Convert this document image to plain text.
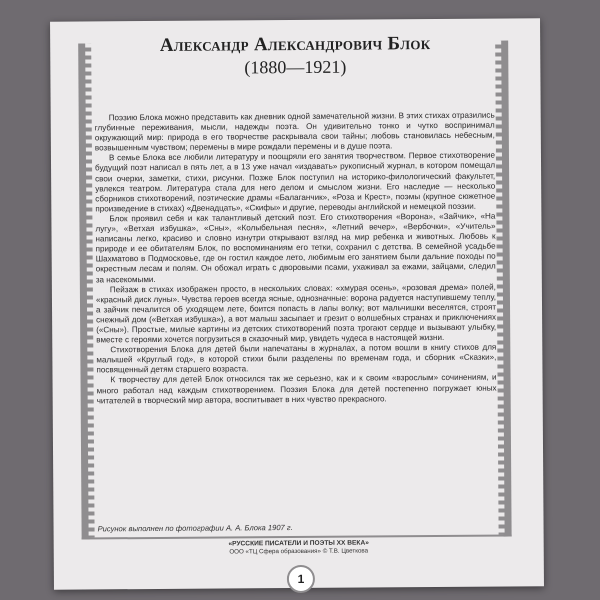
Александр Александрович Блок
(1880—1921)

Поэзию Блока можно представить как дневник одной замечательной жизни. В этих стихах отразились глубинные переживания, мысли, надежды поэта. Он удивительно тонко и чутко воспринимал окружающий мир: природа в его творчестве раскрывала свои тайны; любовь становилась небесным, возвышенным чувством; перемены в мире рождали перемены и в душе поэта.

В семье Блока все любили литературу и поощряли его занятия творчеством. Первое стихотворение будущий поэт написал в пять лет, а в 13 уже начал «издавать» рукописный журнал, в котором помещал свои очерки, заметки, стихи, рисунки. Позже Блок поступил на историко-филологический факультет, увлекся театром. Литература стала для него делом и смыслом жизни. Его наследие — несколько сборников стихотворений, поэтические драмы «Балаганчик», «Роза и Крест», поэмы (крупное сюжетное произведение в стихах) «Двенадцать», «Скифы» и другие, переводы английской и немецкой поэзии.

Блок проявил себя и как талантливый детский поэт. Его стихотворения «Ворона», «Зайчик», «На лугу», «Ветхая избушка», «Сны», «Колыбельная песня», «Летний вечер», «Вербочки», «Учитель» написаны легко, красиво и словно изнутри открывают взгляд на мир ребенка и животных. Любовь к природе и ее обитателям Блок, по воспоминаниям его тетки, сохранил с детства. В семейной усадьбе Шахматово в Подмосковье, где он гостил каждое лето, любимым его занятием были дальние походы по окрестным лесам и полям. Он обожал играть с дворовыми псами, ухаживал за ежами, зайцами, следил за насекомыми.

Пейзаж в стихах изображен просто, в нескольких словах: «хмурая осень», «розовая дрема» полей, «красный диск луны». Чувства героев всегда ясные, однозначные: ворона радуется наступившему теплу, а зайчик печалится об уходящем лете, боится попасть в лапы волку; вот мальчишки веселятся, строят снежный дом («Ветхая избушка»), а вот малыш засыпает и грезит о волшебных странах и приключениях («Сны»). Простые, милые картины из детских стихотворений поэта трогают сердце и вызывают улыбку, вместе с героями хочется погрузиться в сказочный мир, увидеть чудеса в настоящей жизни.

Стихотворения Блока для детей были напечатаны в журналах, а потом вошли в книгу стихов для малышей «Круглый год», в которой стихи были разделены по временам года, и сборник «Сказки», посвященный детям старшего возраста.

К творчеству для детей Блок относился так же серьезно, как и к своим «взрослым» сочинениям, и много работал над каждым стихотворением. Поэзия Блока для детей постепенно погружает юных читателей в творческий мир автора, воспитывает в них чувство прекрасного.

Рисунок выполнен по фотографии А. А. Блока 1907 г.
«РУССКИЕ ПИСАТЕЛИ И ПОЭТЫ XX ВЕКА»
ООО «ТЦ Сфера образования» © Т.В. Цветкова
1
